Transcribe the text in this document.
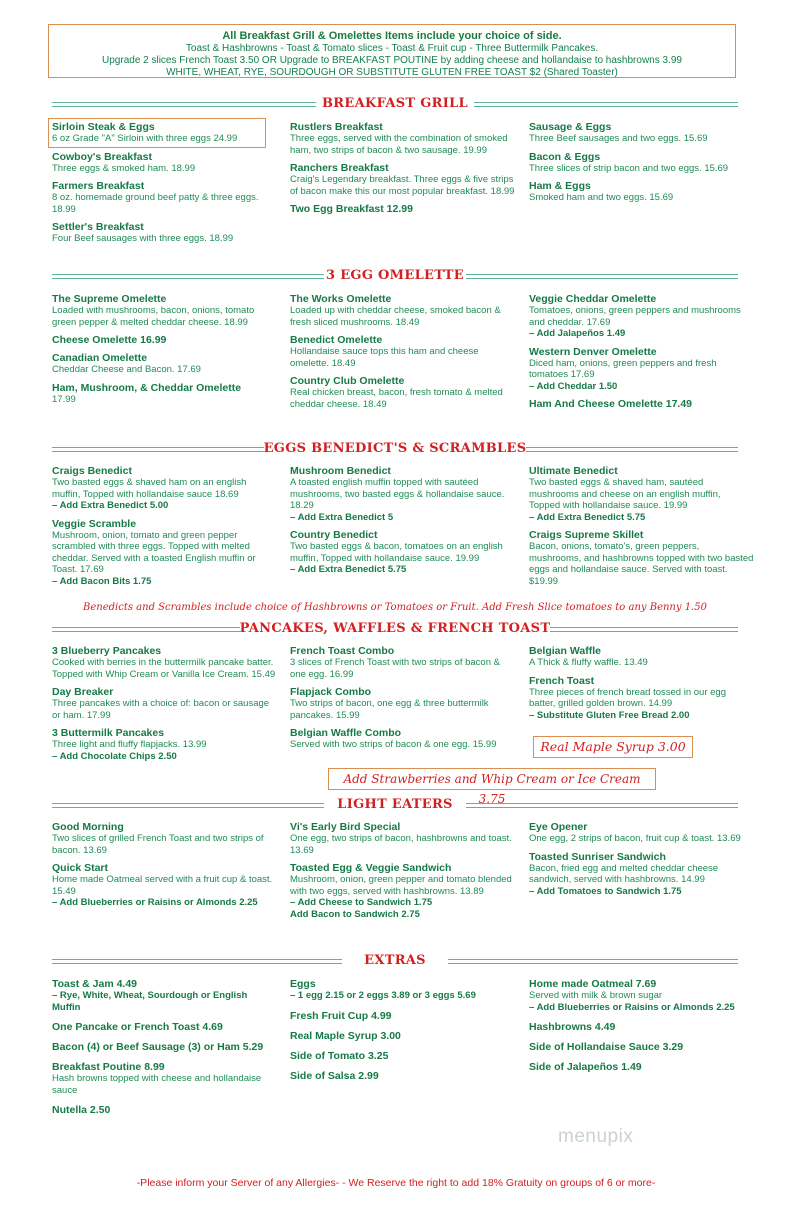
All Breakfast Grill & Omelettes Items include your choice of side.
Toast & Hashbrowns - Toast & Tomato slices - Toast & Fruit cup - Three Buttermilk Pancakes.
Upgrade 2 slices French Toast 3.50 OR Upgrade to BREAKFAST POUTINE by adding cheese and hollandaise to hashbrowns 3.99
WHITE, WHEAT, RYE, SOURDOUGH OR SUBSTITUTE GLUTEN FREE TOAST $2 (Shared Toaster)
BREAKFAST GRILL
3 EGG OMELETTE
EGGS BENEDICT'S & SCRAMBLES
PANCAKES, WAFFLES & FRENCH TOAST
LIGHT EATERS
EXTRAS
Sirloin Steak & Eggs
6 oz Grade "A" Sirloin with three eggs 24.99
Cowboy's Breakfast
Three eggs & smoked ham. 18.99
Farmers Breakfast
8 oz. homemade ground beef patty & three eggs. 18.99
Settler's Breakfast
Four Beef sausages with three eggs. 18.99
Rustlers Breakfast
Three eggs, served with the combination of smoked ham, two strips of bacon & two sausage. 19.99
Ranchers Breakfast
Craig's Legendary breakfast. Three eggs & five strips of bacon make this our most popular breakfast. 18.99
Two Egg Breakfast 12.99
Sausage & Eggs
Three Beef sausages and two eggs. 15.69
Bacon & Eggs
Three slices of strip bacon and two eggs. 15.69
Ham & Eggs
Smoked ham and two eggs. 15.69
The Supreme Omelette
Loaded with mushrooms, bacon, onions, tomato green pepper & melted cheddar cheese. 18.99
Cheese Omelette 16.99
Canadian Omelette
Cheddar Cheese and Bacon. 17.69
Ham, Mushroom, & Cheddar Omelette
17.99
The Works Omelette
Loaded up with cheddar cheese, smoked bacon & fresh sliced mushrooms. 18.49
Benedict Omelette
Hollandaise sauce tops this ham and cheese omelette. 18.49
Country Club Omelette
Real chicken breast, bacon, fresh tomato & melted cheddar cheese. 18.49
Veggie Cheddar Omelette
Tomatoes, onions, green peppers and mushrooms and cheddar. 17.69
– Add Jalapeños 1.49
Western Denver Omelette
Diced ham, onions, green peppers and fresh tomatoes 17.69
– Add Cheddar 1.50
Ham And Cheese Omelette 17.49
Craigs Benedict
Two basted eggs & shaved ham on an english muffin, Topped with hollandaise sauce 18.69
– Add Extra Benedict 5.00
Veggie Scramble
Mushroom, onion, tomato and green pepper scrambled with three eggs. Topped with melted cheddar. Served with a toasted English muffin or Toast. 17.69
– Add Bacon Bits 1.75
Mushroom Benedict
A toasted english muffin topped with sautéed mushrooms, two basted eggs & hollandaise sauce. 18.29
– Add Extra Benedict 5
Country Benedict
Two basted eggs & bacon, tomatoes on an english muffin, Topped with hollandaise sauce. 19.99
– Add Extra Benedict 5.75
Ultimate Benedict
Two basted eggs & shaved ham, sautéed mushrooms and cheese on an english muffin, Topped with hollandaise sauce. 19.99
– Add Extra Benedict 5.75
Craigs Supreme Skillet
Bacon, onions, tomato's, green peppers, mushrooms, and hashbrowns topped with two basted eggs and hollandaise sauce. Served with toast. $19.99
Benedicts and Scrambles include choice of Hashbrowns or Tomatoes or Fruit. Add Fresh Slice tomatoes to any Benny 1.50
3 Blueberry Pancakes
Cooked with berries in the buttermilk pancake batter. Topped with Whip Cream or Vanilla Ice Cream. 15.49
Day Breaker
Three pancakes with a choice of: bacon or sausage or ham. 17.99
3 Buttermilk Pancakes
Three light and fluffy flapjacks. 13.99
– Add Chocolate Chips 2.50
French Toast Combo
3 slices of French Toast with two strips of bacon & one egg. 16.99
Flapjack Combo
Two strips of bacon, one egg & three buttermilk pancakes. 15.99
Belgian Waffle Combo
Served with two strips of bacon & one egg. 15.99
Belgian Waffle
A Thick & fluffy waffle. 13.49
French Toast
Three pieces of french bread tossed in our egg batter, grilled golden brown. 14.99
– Substitute Gluten Free Bread 2.00
Real Maple Syrup 3.00
Add Strawberries and Whip Cream or Ice Cream 3.75
Good Morning
Two slices of grilled French Toast and two strips of bacon. 13.69
Quick Start
Home made Oatmeal served with a fruit cup & toast. 15.49
– Add Blueberries or Raisins or Almonds 2.25
Vi's Early Bird Special
One egg, two strips of bacon, hashbrowns and toast. 13.69
Toasted Egg & Veggie Sandwich
Mushroom, onion, green pepper and tomato blended with two eggs, served with hashbrowns. 13.89
– Add Cheese to Sandwich 1.75
Add Bacon to Sandwich 2.75
Eye Opener
One egg, 2 strips of bacon, fruit cup & toast. 13.69
Toasted Sunriser Sandwich
Bacon, fried egg and melted cheddar cheese sandwich, served with hashbrowns. 14.99
– Add Tomatoes to Sandwich 1.75
Toast & Jam 4.49
– Rye, White, Wheat, Sourdough or English Muffin
One Pancake or French Toast 4.69
Bacon (4) or Beef Sausage (3) or Ham 5.29
Breakfast Poutine 8.99
Hash browns topped with cheese and hollandaise sauce
Nutella 2.50
Eggs
– 1 egg 2.15 or 2 eggs 3.89 or 3 eggs 5.69
Fresh Fruit Cup 4.99
Real Maple Syrup 3.00
Side of Tomato 3.25
Side of Salsa 2.99
Home made Oatmeal 7.69
Served with milk & brown sugar
– Add Blueberries or Raisins or Almonds 2.25
Hashbrowns 4.49
Side of Hollandaise Sauce 3.29
Side of Jalapeños 1.49
menupix
-Please inform your Server of any Allergies- - We Reserve the right to add 18% Gratuity on groups of 6 or more-
